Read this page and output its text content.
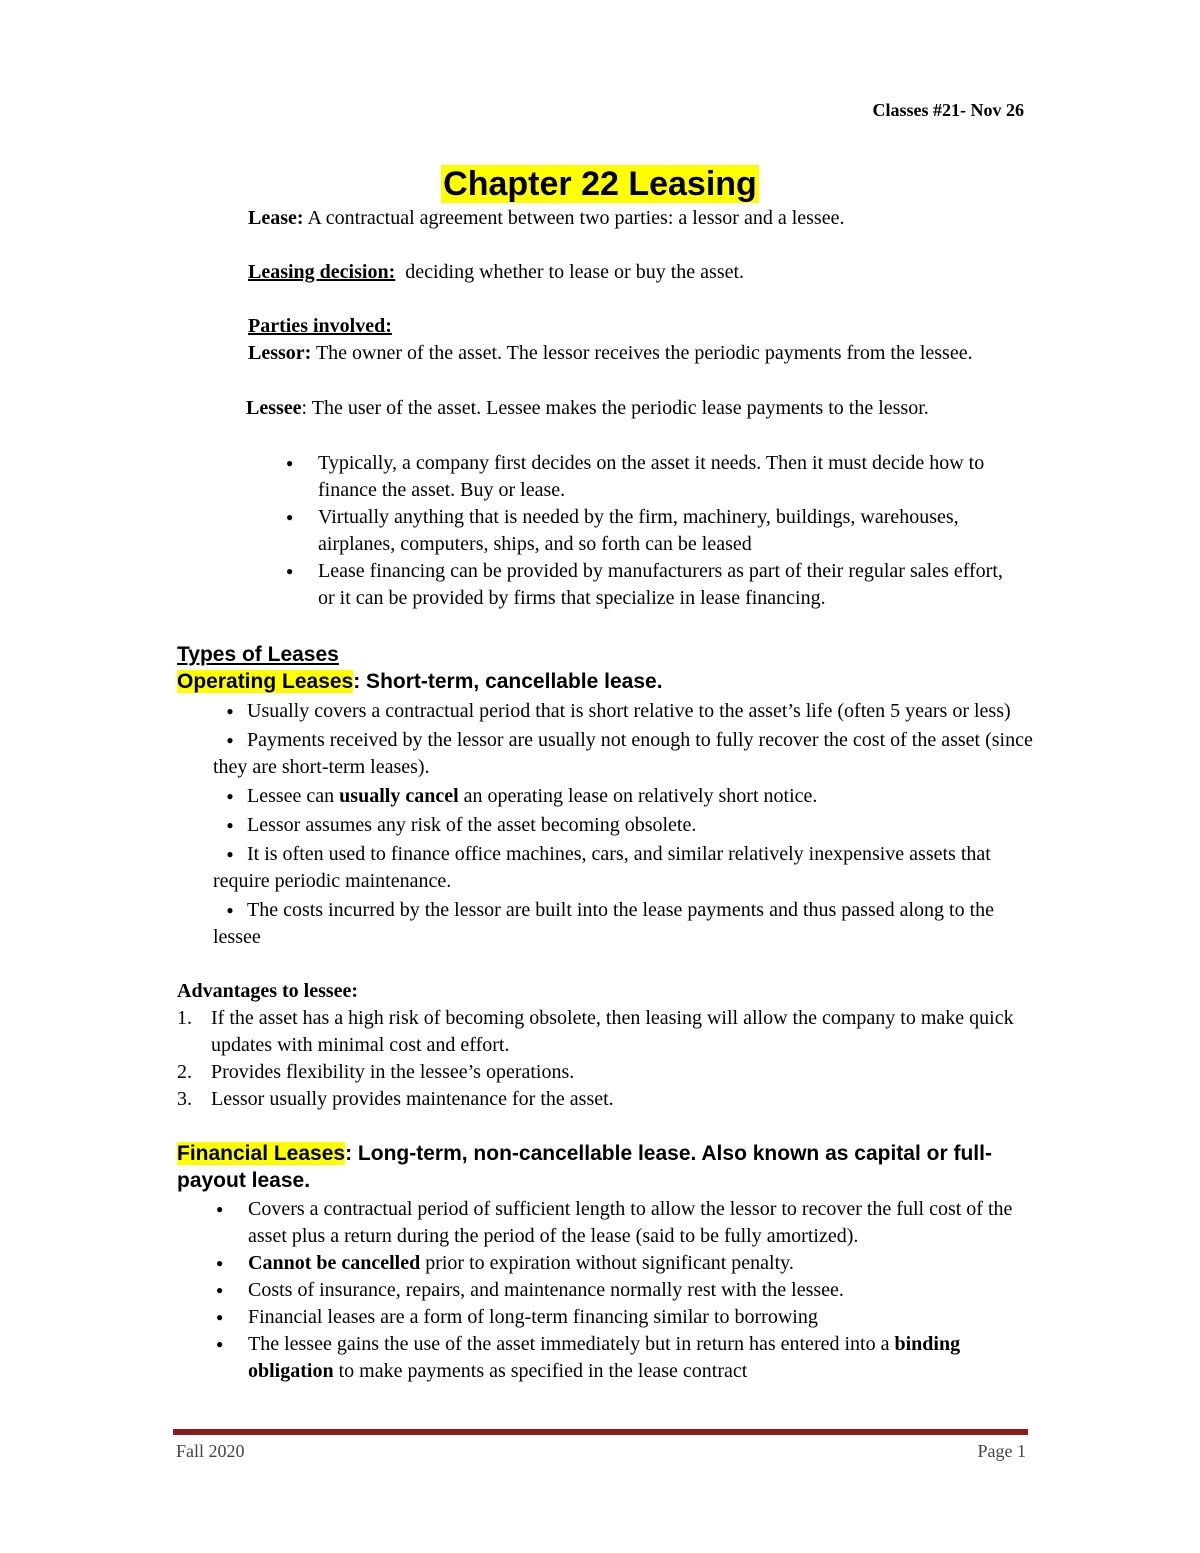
Classes #21- Nov 26
Chapter 22 Leasing
Lease: A contractual agreement between two parties: a lessor and a lessee.
Leasing decision:  deciding whether to lease or buy the asset.
Parties involved:
Lessor: The owner of the asset. The lessor receives the periodic payments from the lessee.
Lessee: The user of the asset. Lessee makes the periodic lease payments to the lessor.
● Typically, a company first decides on the asset it needs. Then it must decide how to finance the asset. Buy or lease.
● Virtually anything that is needed by the firm, machinery, buildings, warehouses, airplanes, computers, ships, and so forth can be leased
● Lease financing can be provided by manufacturers as part of their regular sales effort, or it can be provided by firms that specialize in lease financing.
Types of Leases
Operating Leases: Short-term, cancellable lease.
● Usually covers a contractual period that is short relative to the asset’s life (often 5 years or less)
● Payments received by the lessor are usually not enough to fully recover the cost of the asset (since they are short-term leases).
● Lessee can usually cancel an operating lease on relatively short notice.
● Lessor assumes any risk of the asset becoming obsolete.
● It is often used to finance office machines, cars, and similar relatively inexpensive assets that require periodic maintenance.
● The costs incurred by the lessor are built into the lease payments and thus passed along to the lessee
Advantages to lessee:
1. If the asset has a high risk of becoming obsolete, then leasing will allow the company to make quick updates with minimal cost and effort.
2. Provides flexibility in the lessee’s operations.
3. Lessor usually provides maintenance for the asset.
Financial Leases: Long-term, non-cancellable lease. Also known as capital or full-payout lease.
● Covers a contractual period of sufficient length to allow the lessor to recover the full cost of the asset plus a return during the period of the lease (said to be fully amortized).
● Cannot be cancelled prior to expiration without significant penalty.
● Costs of insurance, repairs, and maintenance normally rest with the lessee.
● Financial leases are a form of long-term financing similar to borrowing
● The lessee gains the use of the asset immediately but in return has entered into a binding obligation to make payments as specified in the lease contract
Fall 2020	Page 1
